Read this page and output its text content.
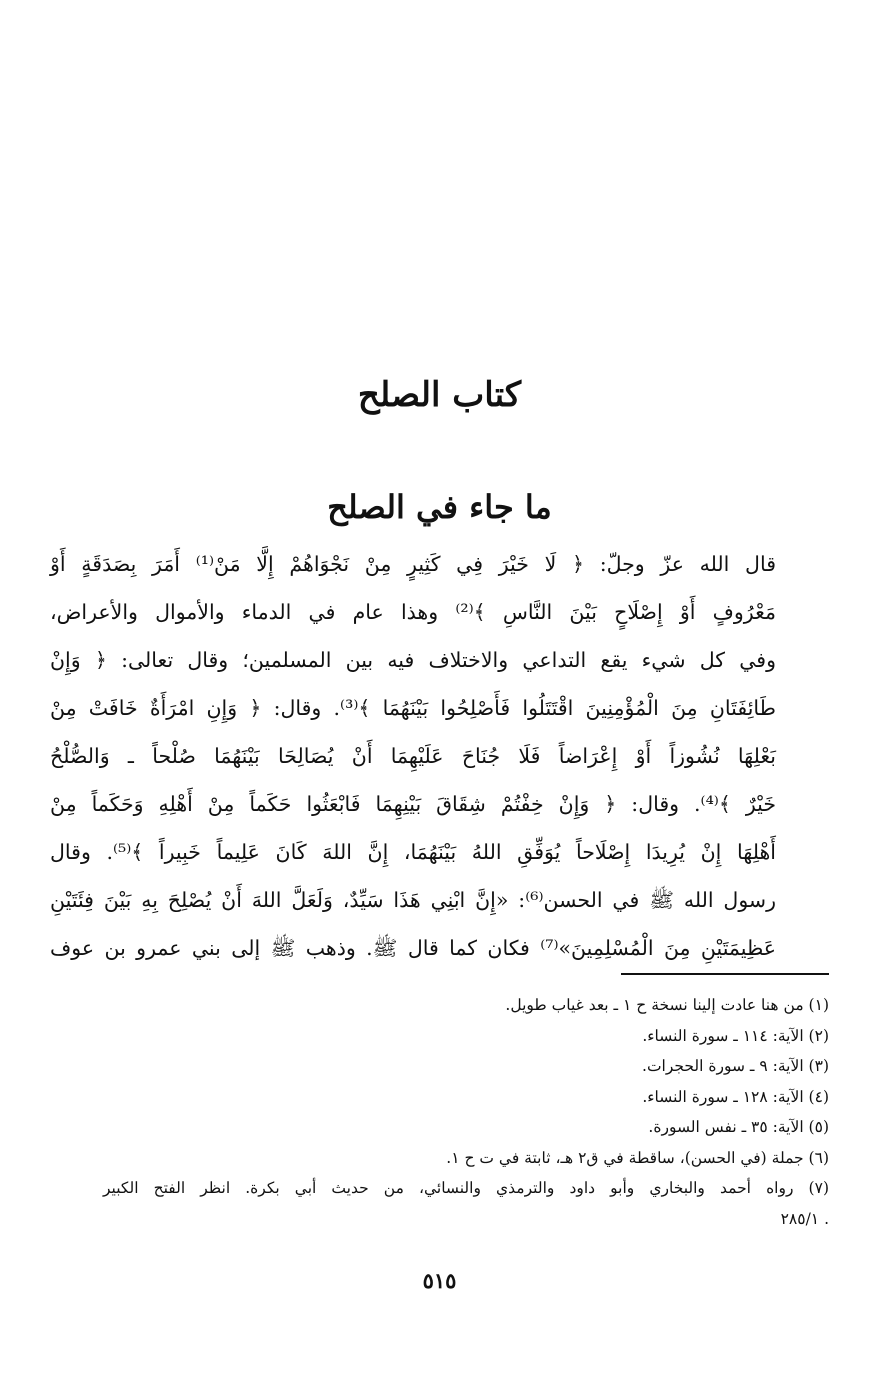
كتاب الصلح
ما جاء في الصلح
قال الله عزّ وجلّ: ﴿ لَا خَيْرَ فِي كَثِيرٍ مِنْ نَجْوَاهُمْ إِلَّا مَنْ⁽¹⁾ أَمَرَ بِصَدَقَةٍ أَوْ
مَعْرُوفٍ أَوْ إِصْلَاحٍ بَيْنَ النَّاسِ ﴾⁽²⁾ وهذا عام في الدماء والأموال والأعراض،
وفي كل شيء يقع التداعي والاختلاف فيه بين المسلمين؛ وقال تعالى: ﴿ وَإِنْ
طَائِفَتَانِ مِنَ الْمُؤْمِنِينَ اقْتَتَلُوا فَأَصْلِحُوا بَيْنَهُمَا ﴾⁽³⁾. وقال: ﴿ وَإِنِ امْرَأَةٌ خَافَتْ مِنْ
بَعْلِهَا نُشُوزاً أَوْ إِعْرَاضاً فَلَا جُنَاحَ عَلَيْهِمَا أَنْ يُصَالِحَا بَيْنَهُمَا صُلْحاً ـ وَالصُّلْحُ
خَيْرٌ ﴾⁽⁴⁾. وقال: ﴿ وَإِنْ خِفْتُمْ شِقَاقَ بَيْنِهِمَا فَابْعَثُوا حَكَماً مِنْ أَهْلِهِ وَحَكَماً مِنْ
أَهْلِهَا إِنْ يُرِيدَا إِصْلَاحاً يُوَفِّقِ اللهُ بَيْنَهُمَا، إِنَّ اللهَ كَانَ عَلِيماً خَبِيراً ﴾⁽⁵⁾. وقال
رسول الله ﷺ في الحسن⁽⁶⁾: «إِنَّ ابْنِي هَذَا سَيِّدٌ، وَلَعَلَّ اللهَ أَنْ يُصْلِحَ بِهِ بَيْنَ فِئَتَيْنِ
عَظِيمَتَيْنِ مِنَ الْمُسْلِمِينَ»⁽⁷⁾ فكان كما قال ﷺ. وذهب ﷺ إلى بني عمرو بن عوف
(١) من هنا عادت إلينا نسخة ح ١ ـ بعد غياب طويل.
(٢) الآية: ١١٤ ـ سورة النساء.
(٣) الآية: ٩ ـ سورة الحجرات.
(٤) الآية: ١٢٨ ـ سورة النساء.
(٥) الآية: ٣٥ ـ نفس السورة.
(٦) جملة (في الحسن)، ساقطة في ق٢ هـ، ثابتة في ت ح ١.
(٧) رواه أحمد والبخاري وأبو داود والترمذي والنسائي، من حديث أبي بكرة. انظر الفتح الكبير
. ٢٨٥/١
٥١٥
